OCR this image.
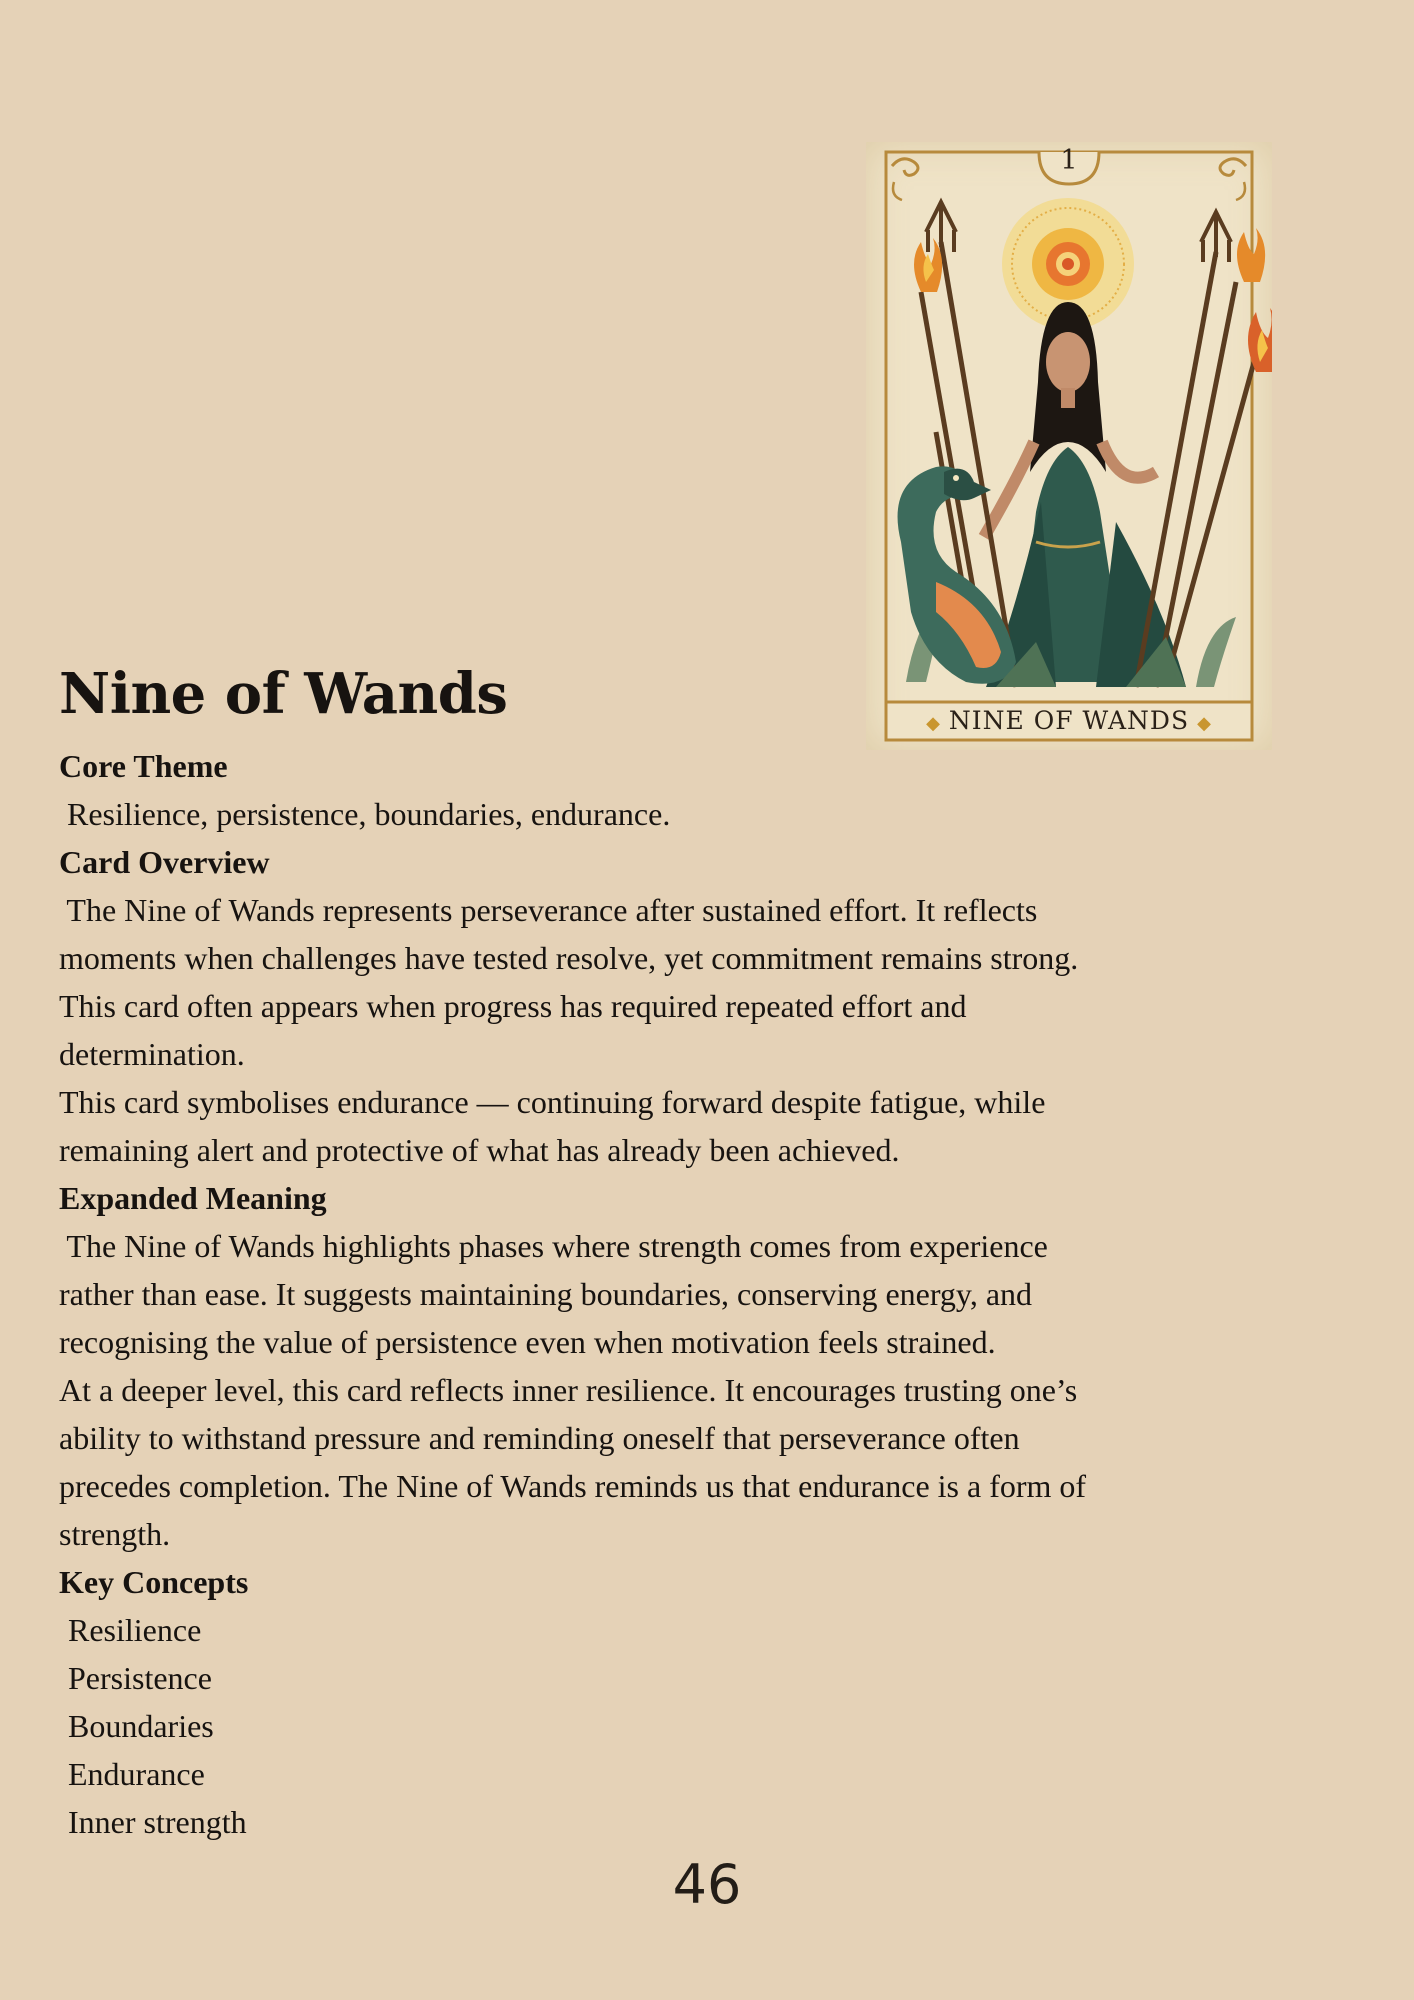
1
◆ NINE OF WANDS ◆
Nine of Wands

Core Theme

Resilience, persistence, boundaries, endurance.

Card Overview

The Nine of Wands represents perseverance after sustained effort. It reflects

moments when challenges have tested resolve, yet commitment remains strong.

This card often appears when progress has required repeated effort and

determination.

This card symbolises endurance — continuing forward despite fatigue, while

remaining alert and protective of what has already been achieved.

Expanded Meaning

The Nine of Wands highlights phases where strength comes from experience

rather than ease. It suggests maintaining boundaries, conserving energy, and

recognising the value of persistence even when motivation feels strained.

At a deeper level, this card reflects inner resilience. It encourages trusting one’s

ability to withstand pressure and reminding oneself that perseverance often

precedes completion. The Nine of Wands reminds us that endurance is a form of

strength.

Key Concepts

Resilience

Persistence

Boundaries

Endurance

Inner strength

46
